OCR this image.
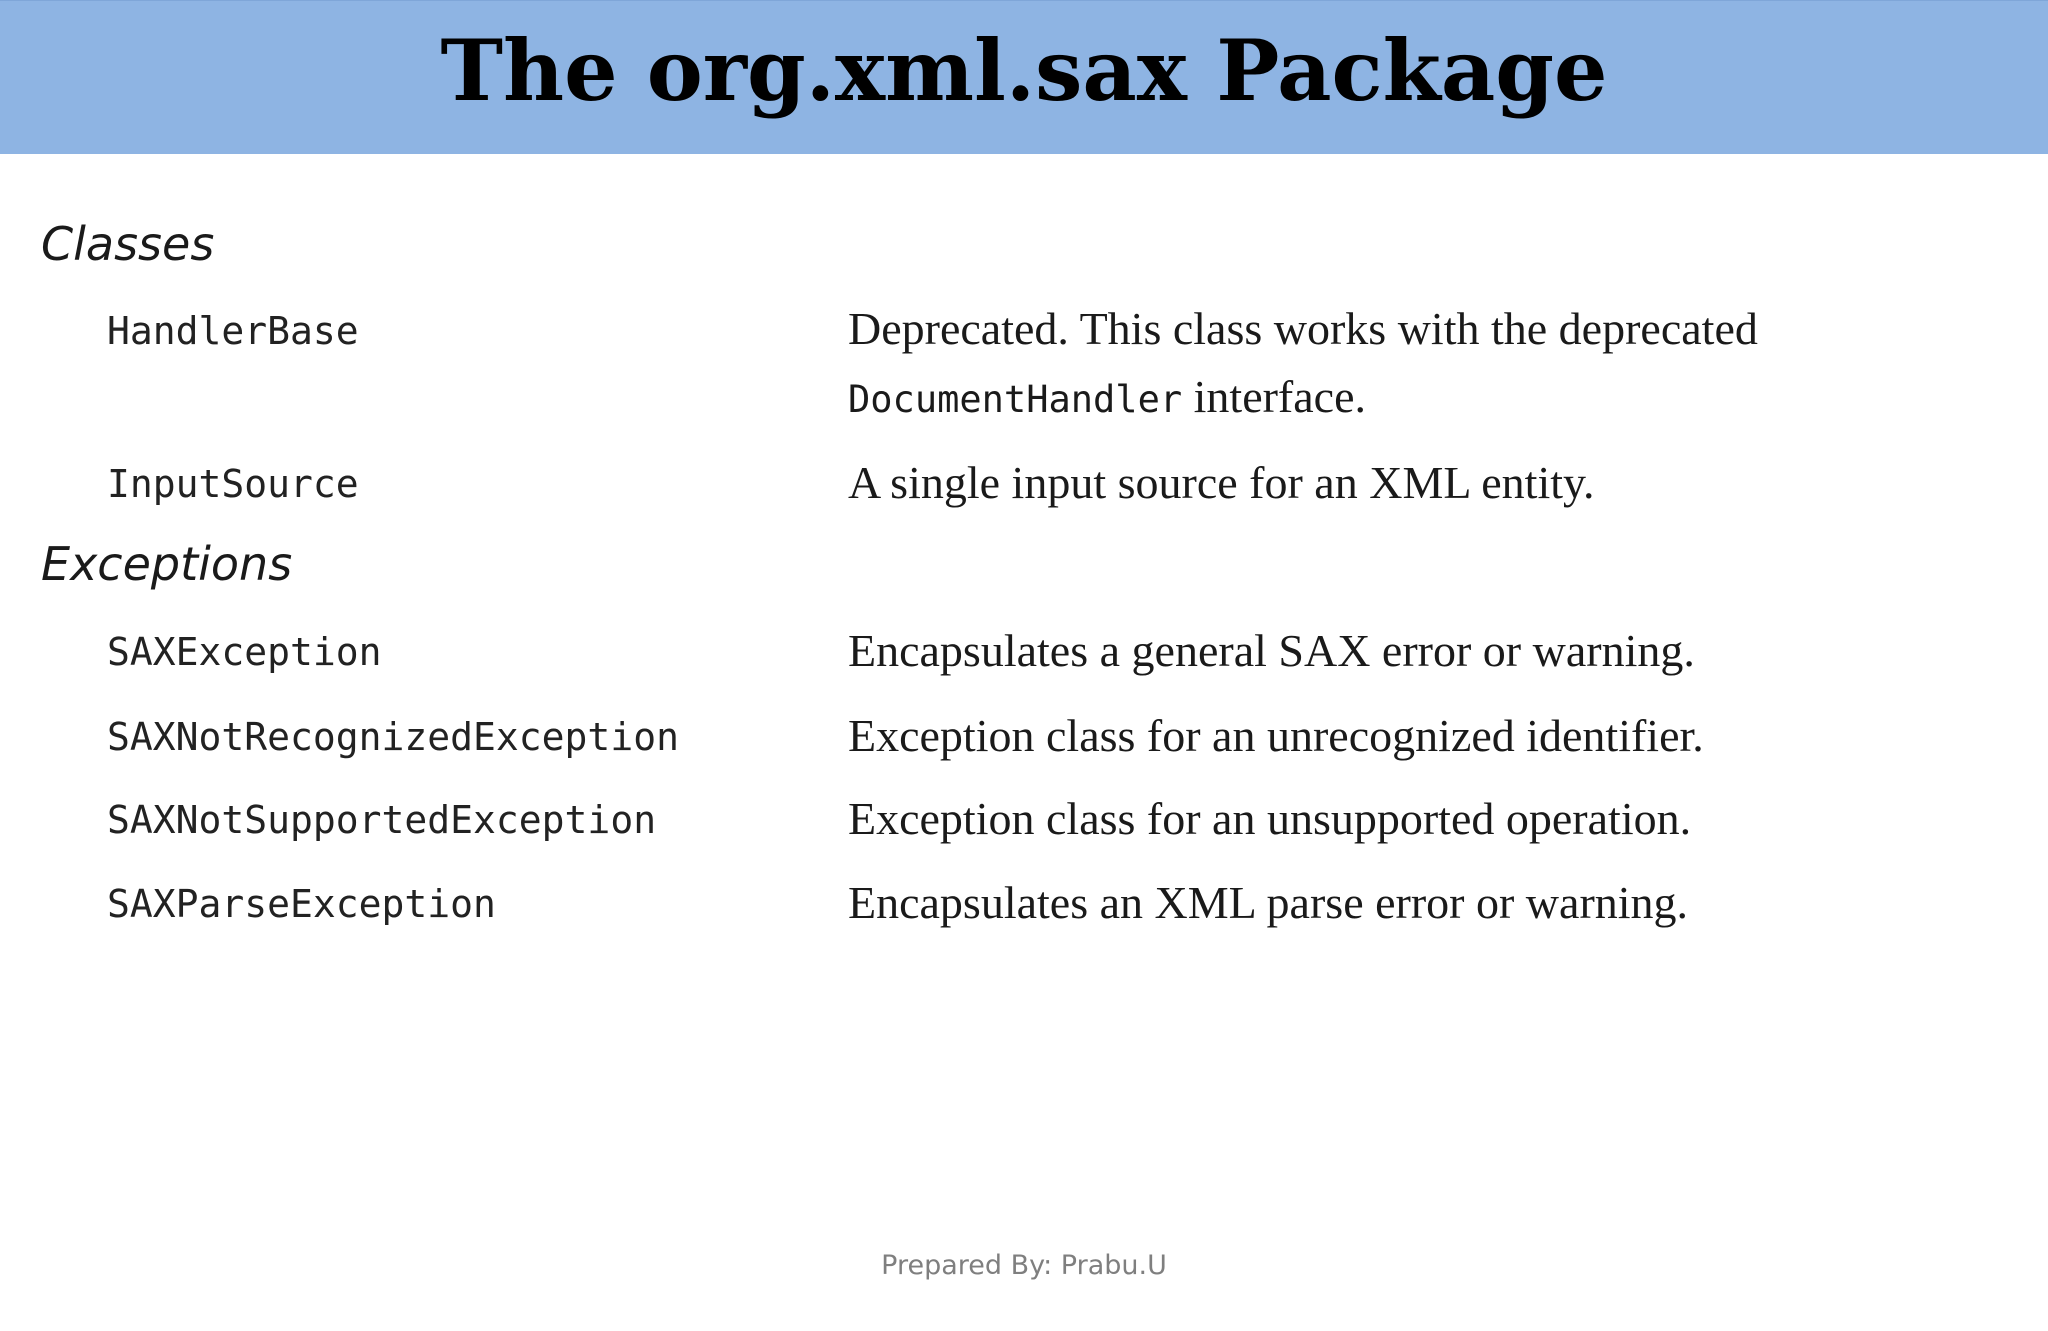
The org.xml.sax Package
Classes
HandlerBase	Deprecated. This class works with the deprecated
DocumentHandler interface.
InputSource	A single input source for an XML entity.
Exceptions
SAXException	Encapsulates a general SAX error or warning.
SAXNotRecognizedException	Exception class for an unrecognized identifier.
SAXNotSupportedException	Exception class for an unsupported operation.
SAXParseException	Encapsulates an XML parse error or warning.
Prepared By: Prabu.U
